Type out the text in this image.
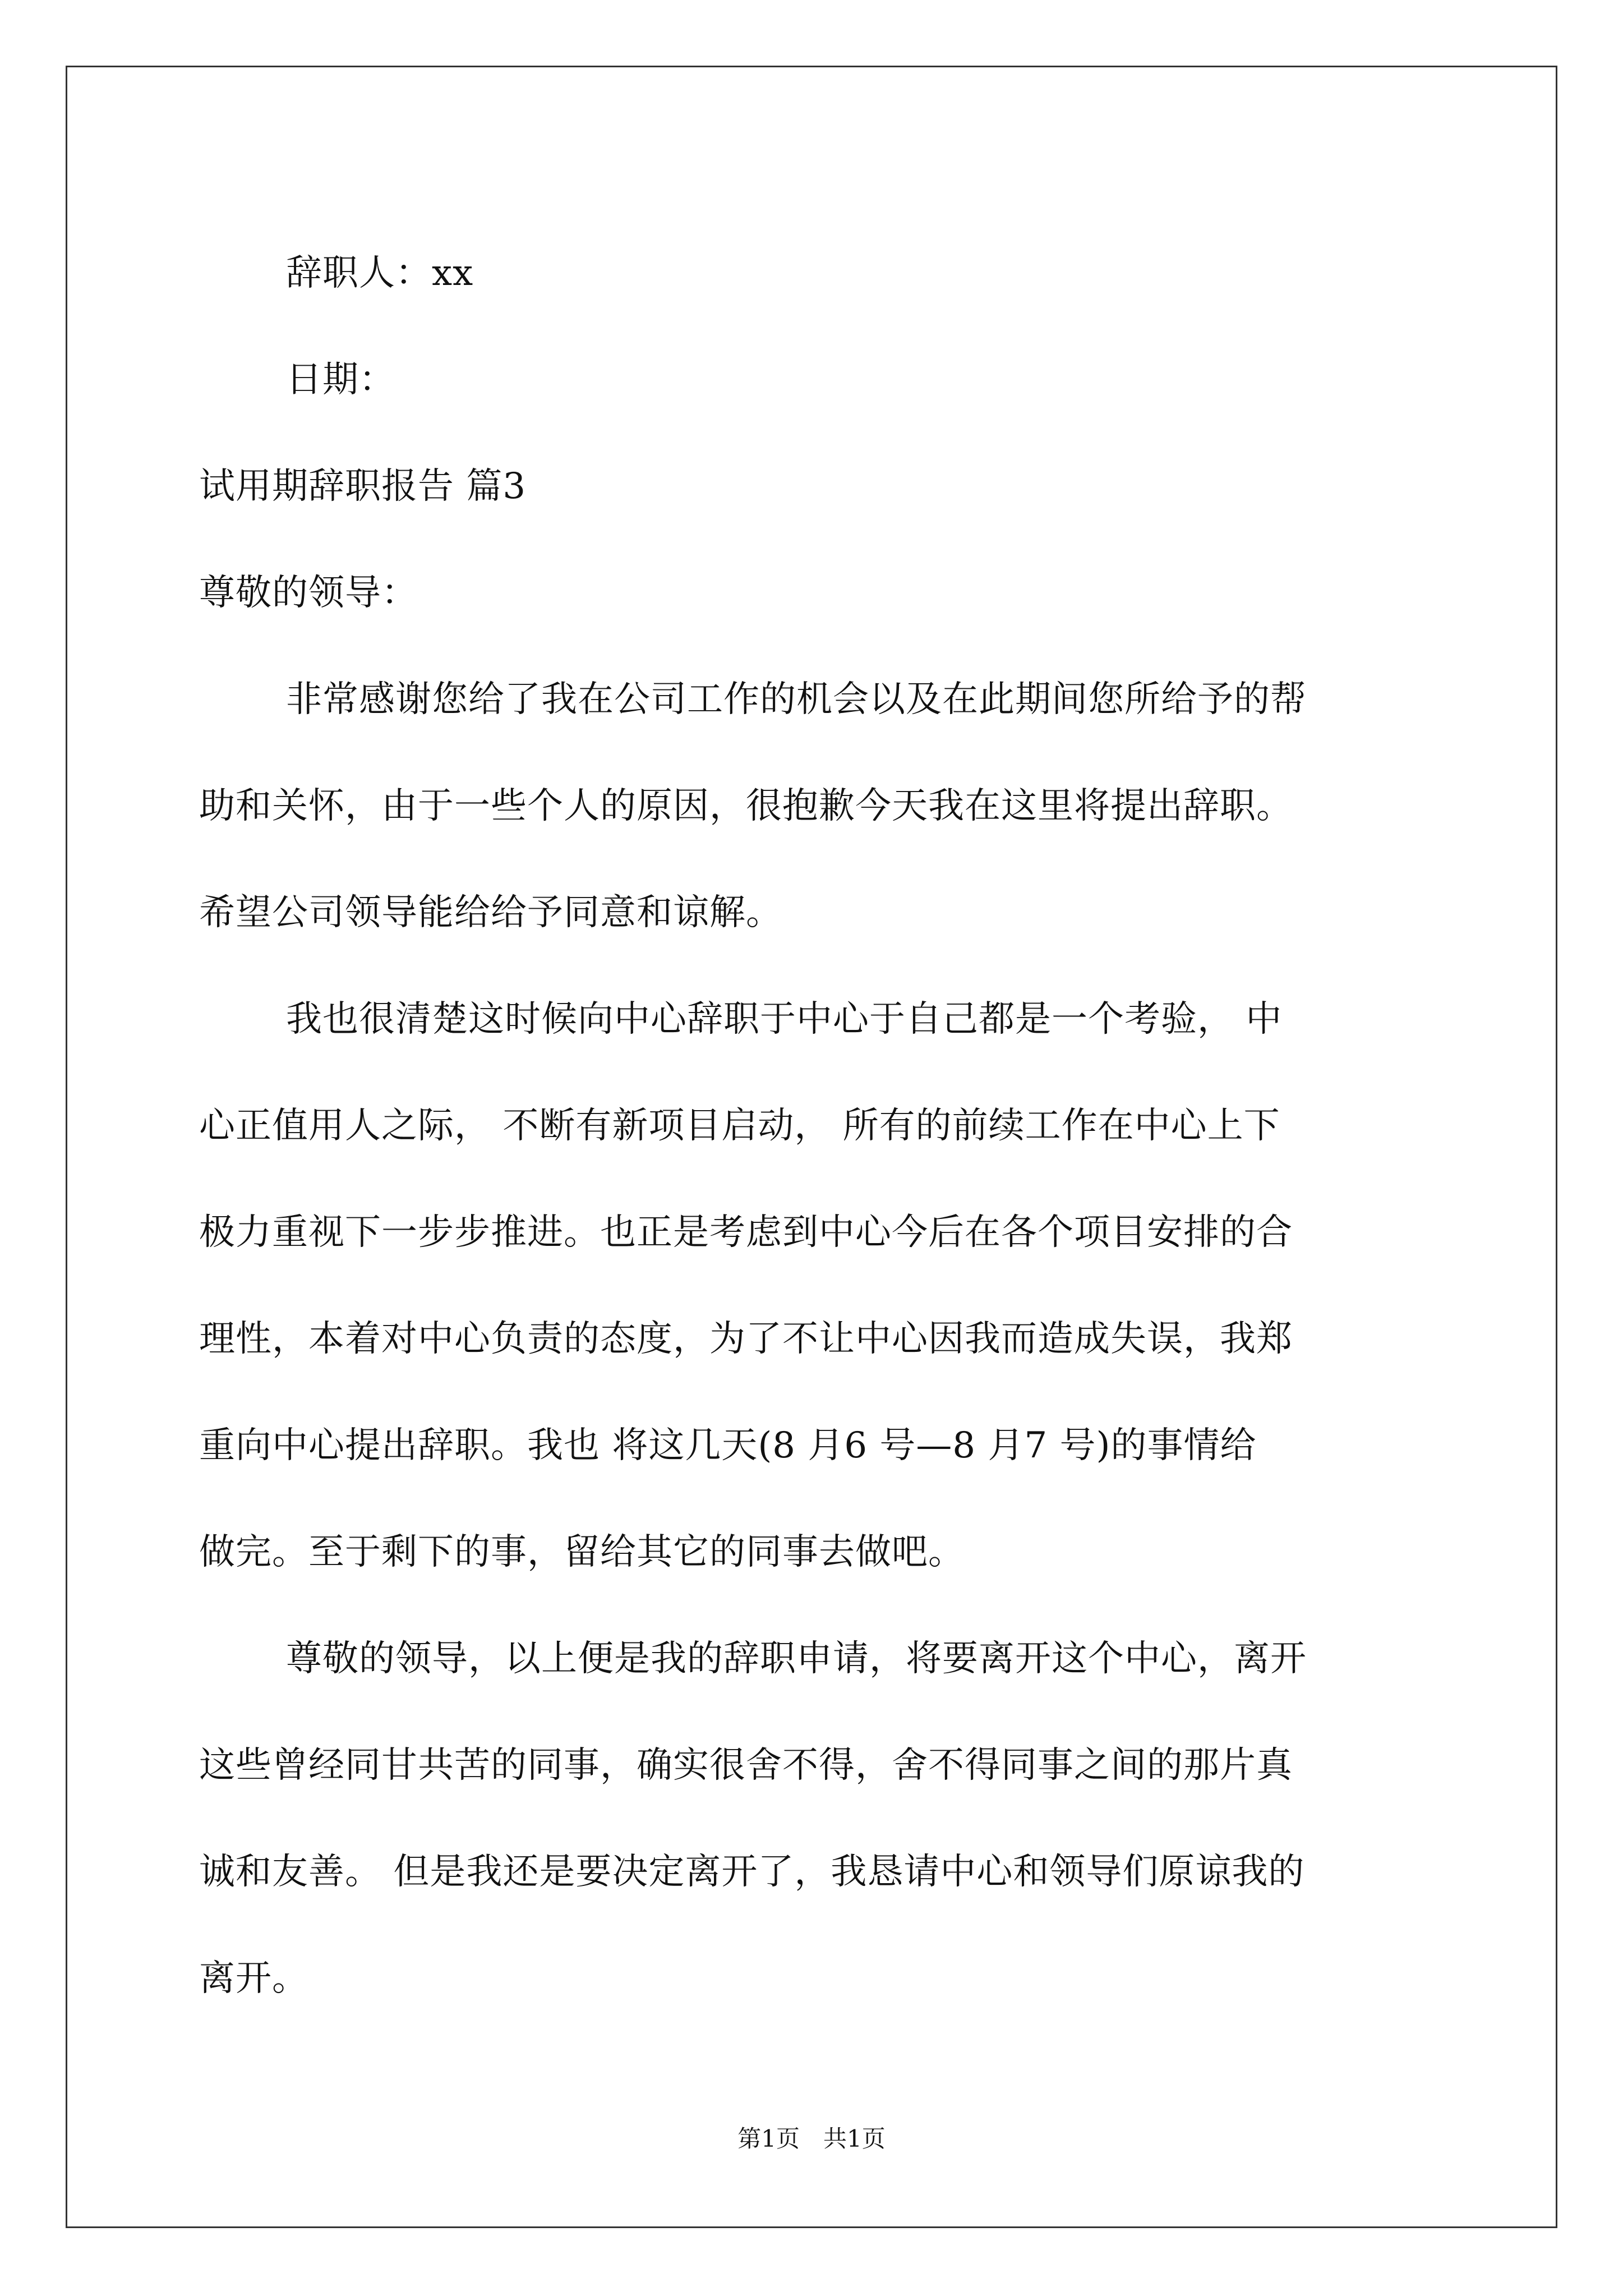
辞职人：xx
日期：
试用期辞职报告 篇3
尊敬的领导：
非常感谢您给了我在公司工作的机会以及在此期间您所给予的帮
助和关怀，由于一些个人的原因，很抱歉今天我在这里将提出辞职。
希望公司领导能给给予同意和谅解。
我也很清楚这时候向中心辞职于中心于自己都是一个考验， 中
心正值用人之际， 不断有新项目启动， 所有的前续工作在中心上下
极力重视下一步步推进。也正是考虑到中心今后在各个项目安排的合
理性，本着对中心负责的态度，为了不让中心因我而造成失误，我郑
重向中心提出辞职。我也 将这几天(8 月6 号—8 月7 号)的事情给
做完。至于剩下的事，留给其它的同事去做吧。
尊敬的领导，以上便是我的辞职申请，将要离开这个中心，离开
这些曾经同甘共苦的同事，确实很舍不得，舍不得同事之间的那片真
诚和友善。 但是我还是要决定离开了，我恳请中心和领导们原谅我的
离开。
第1页　共1页
